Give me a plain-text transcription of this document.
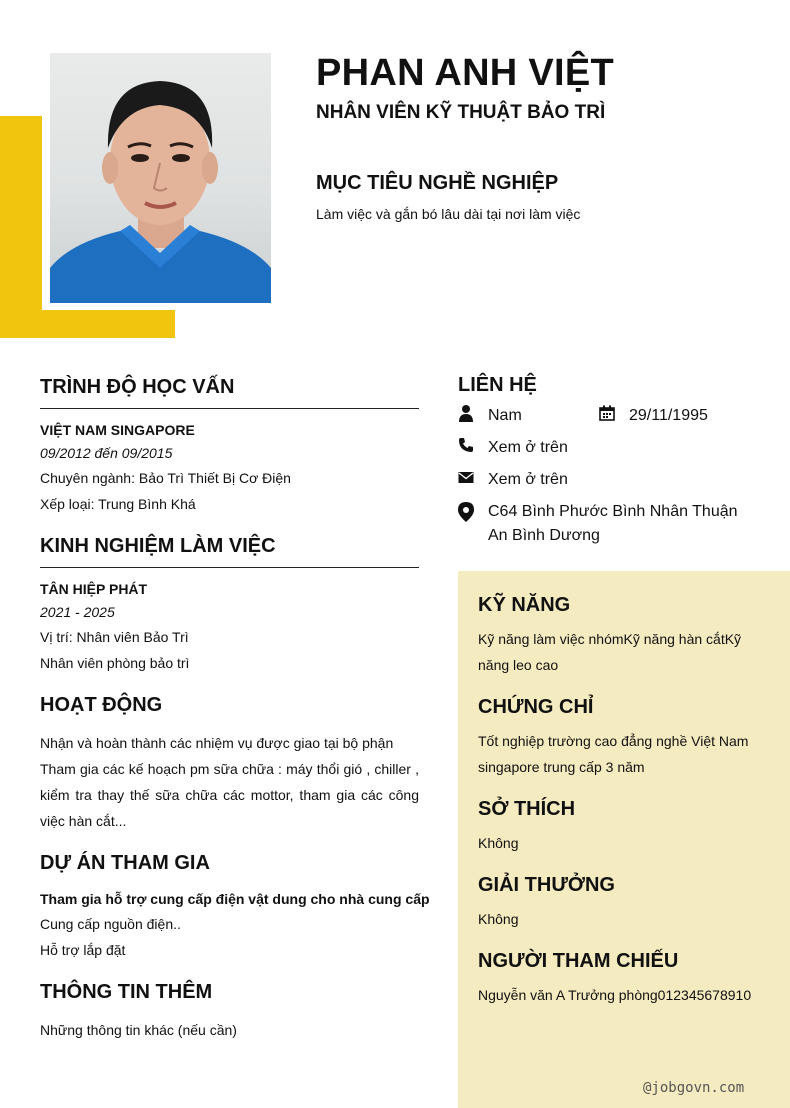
PHAN ANH VIỆT
NHÂN VIÊN KỸ THUẬT BẢO TRÌ
MỤC TIÊU NGHỀ NGHIỆP
Làm việc và gắn bó lâu dài tại nơi làm việc
TRÌNH ĐỘ HỌC VẤN
VIỆT NAM SINGAPORE
09/2012 đến 09/2015
Chuyên ngành: Bảo Trì Thiết Bị Cơ Điện
Xếp loại: Trung Bình Khá
KINH NGHIỆM LÀM VIỆC
TÂN HIỆP PHÁT
2021 - 2025
Vị trí: Nhân viên Bảo Trì
Nhân viên phòng bảo trì
HOẠT ĐỘNG
Nhận và hoàn thành các nhiệm vụ được giao tại bộ phận
Tham gia các kế hoạch pm sữa chữa : máy thổi gió , chiller , kiểm tra thay thế sữa chữa các mottor, tham gia các công việc hàn cắt...
DỰ ÁN THAM GIA
Tham gia hỗ trợ cung cấp điện vật dung cho nhà cung cấp
Cung cấp nguồn điện..
Hỗ trợ lắp đặt
THÔNG TIN THÊM
Những thông tin khác (nếu cần)
LIÊN HỆ
Nam	29/11/1995
Xem ở trên
Xem ở trên
C64 Bình Phước Bình Nhân Thuận An Bình Dương
KỸ NĂNG
Kỹ năng làm việc nhómKỹ năng hàn cắtKỹ năng leo cao
CHỨNG CHỈ
Tốt nghiệp trường cao đẳng nghề Việt Nam singapore trung cấp 3 năm
SỞ THÍCH
Không
GIẢI THƯỞNG
Không
NGƯỜI THAM CHIẾU
Nguyễn văn A Trưởng phòng012345678910
@jobgovn.com
